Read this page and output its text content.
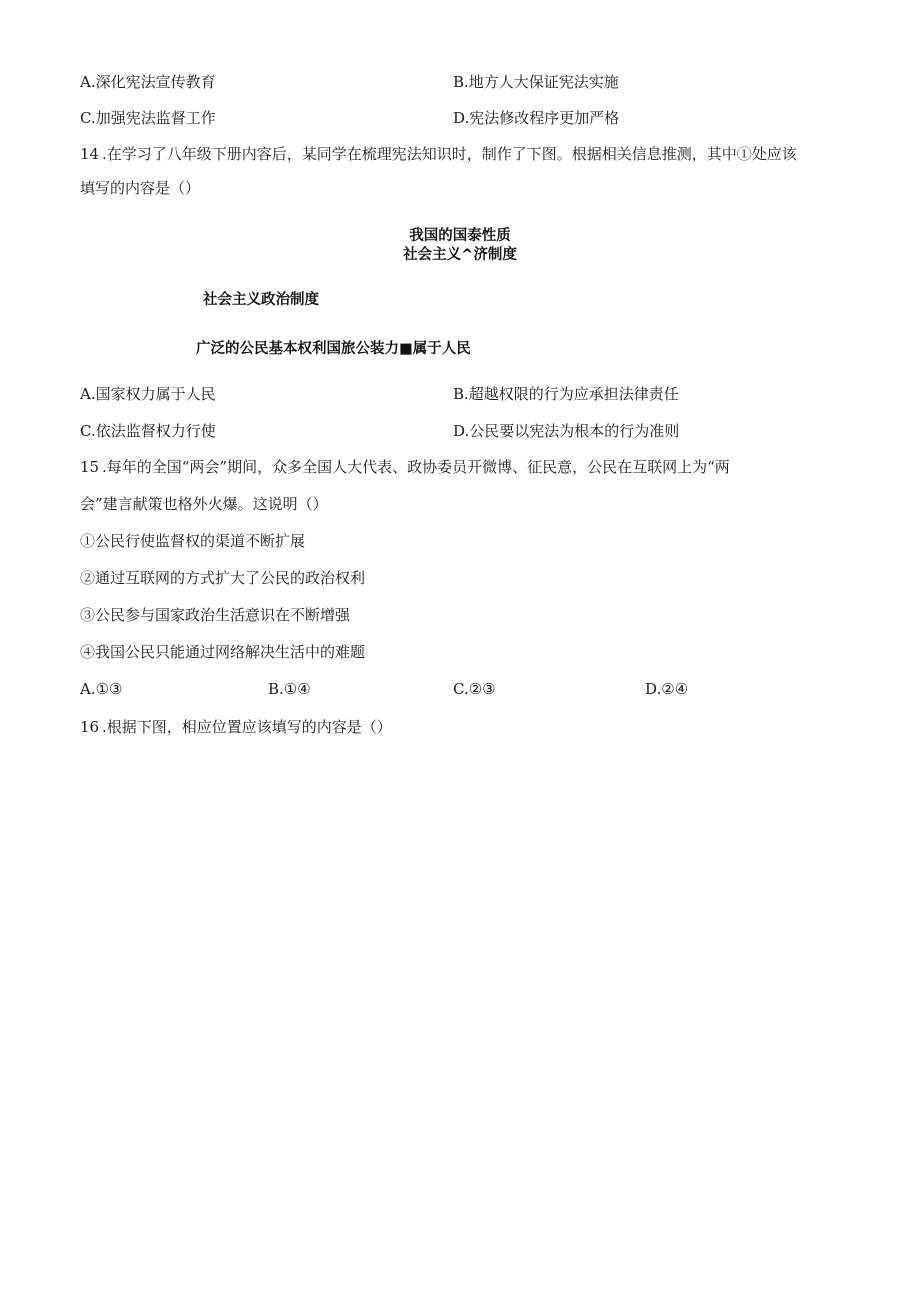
A.深化宪法宣传教育	B.地方人大保证宪法实施
C.加强宪法监督工作	D.宪法修改程序更加严格
14 .在学习了八年级下册内容后，某同学在梳理宪法知识时，制作了下图。根据相关信息推测，其中①处应该
填写的内容是（）
我国的国泰性质
社会主义^济制度
社会主义政治制度
广泛的公民基本权利国旅公装力■属于人民
A.国家权力属于人民	B.超越权限的行为应承担法律责任
C.依法监督权力行使	D.公民要以宪法为根本的行为准则
15 .每年的全国“两会”期间，众多全国人大代表、政协委员开微博、征民意，公民在互联网上为“两
会”建言献策也格外火爆。这说明（）
①公民行使监督权的渠道不断扩展
②通过互联网的方式扩大了公民的政治权利
③公民参与国家政治生活意识在不断增强
④我国公民只能通过网络解决生活中的难题
A.①③	B.①④	C.②③	D.②④
16 .根据下图，相应位置应该填写的内容是（）
